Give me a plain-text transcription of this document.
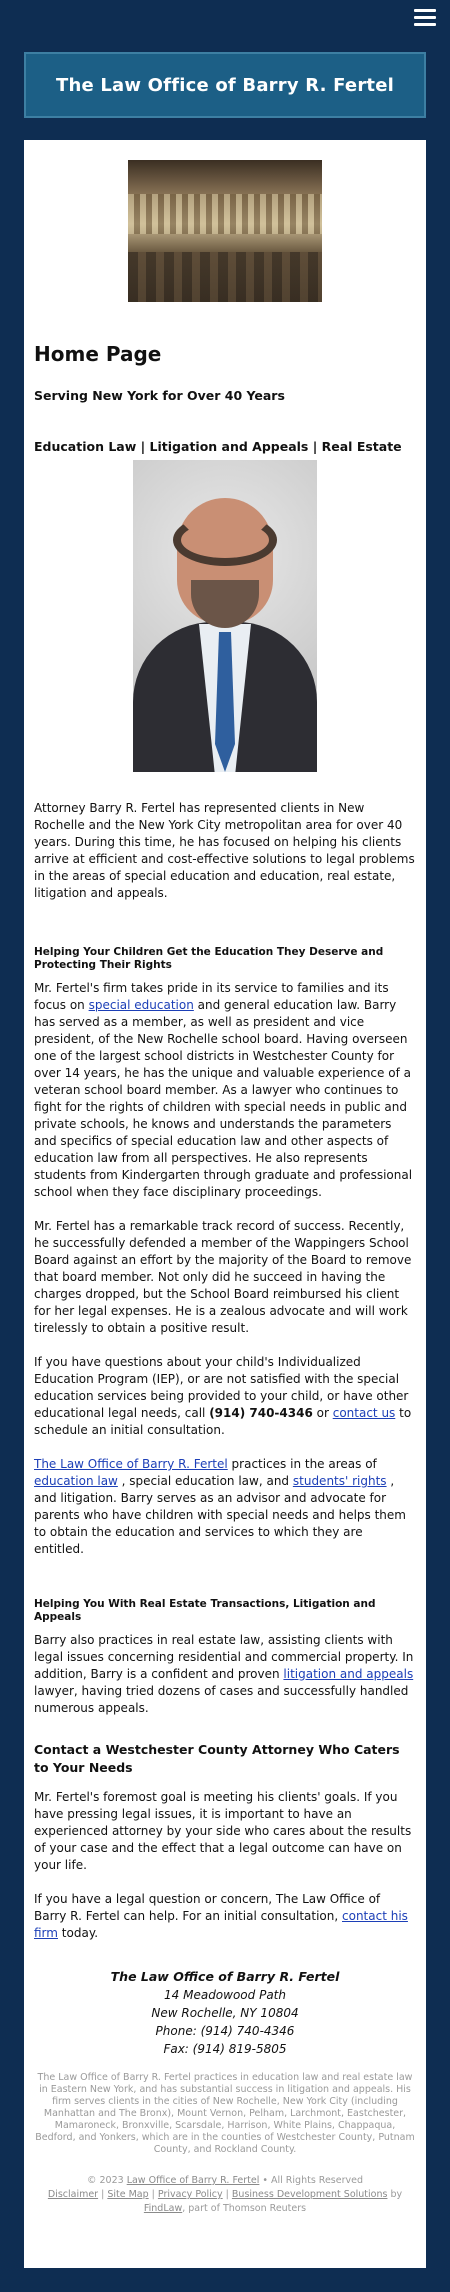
The Law Office of Barry R. Fertel
Home Page
Serving New York for Over 40 Years
Education Law | Litigation and Appeals | Real Estate

Attorney Barry R. Fertel has represented clients in New Rochelle and the New York City metropolitan area for over 40 years. During this time, he has focused on helping his clients arrive at efficient and cost-effective solutions to legal problems in the areas of special education and education, real estate, litigation and appeals.

Helping Your Children Get the Education They Deserve and Protecting Their Rights

Mr. Fertel's firm takes pride in its service to families and its focus on special education and general education law. Barry has served as a member, as well as president and vice president, of the New Rochelle school board. Having overseen one of the largest school districts in Westchester County for over 14 years, he has the unique and valuable experience of a veteran school board member. As a lawyer who continues to fight for the rights of children with special needs in public and private schools, he knows and understands the parameters and specifics of special education law and other aspects of education law from all perspectives. He also represents students from Kindergarten through graduate and professional school when they face disciplinary proceedings.

Mr. Fertel has a remarkable track record of success. Recently, he successfully defended a member of the Wappingers School Board against an effort by the majority of the Board to remove that board member. Not only did he succeed in having the charges dropped, but the School Board reimbursed his client for her legal expenses. He is a zealous advocate and will work tirelessly to obtain a positive result.

If you have questions about your child's Individualized Education Program (IEP), or are not satisfied with the special education services being provided to your child, or have other educational legal needs, call (914) 740-4346 or contact us to schedule an initial consultation.

The Law Office of Barry R. Fertel practices in the areas of education law , special education law, and students' rights , and litigation. Barry serves as an advisor and advocate for parents who have children with special needs and helps them to obtain the education and services to which they are entitled.

Helping You With Real Estate Transactions, Litigation and Appeals

Barry also practices in real estate law, assisting clients with legal issues concerning residential and commercial property. In addition, Barry is a confident and proven litigation and appeals lawyer, having tried dozens of cases and successfully handled numerous appeals.

Contact a Westchester County Attorney Who Caters to Your Needs

Mr. Fertel's foremost goal is meeting his clients' goals. If you have pressing legal issues, it is important to have an experienced attorney by your side who cares about the results of your case and the effect that a legal outcome can have on your life.

If you have a legal question or concern, The Law Office of Barry R. Fertel can help. For an initial consultation, contact his firm today.

The Law Office of Barry R. Fertel
14 Meadowood Path
New Rochelle, NY 10804
Phone: (914) 740-4346
Fax: (914) 819-5805
The Law Office of Barry R. Fertel practices in education law and real estate law in Eastern New York, and has substantial success in litigation and appeals. His firm serves clients in the cities of New Rochelle, New York City (including Manhattan and The Bronx), Mount Vernon, Pelham, Larchmont, Eastchester, Mamaroneck, Bronxville, Scarsdale, Harrison, White Plains, Chappaqua, Bedford, and Yonkers, which are in the counties of Westchester County, Putnam County, and Rockland County.
© 2023 Law Office of Barry R. Fertel • All Rights Reserved
Disclaimer | Site Map | Privacy Policy | Business Development Solutions by
FindLaw, part of Thomson Reuters
